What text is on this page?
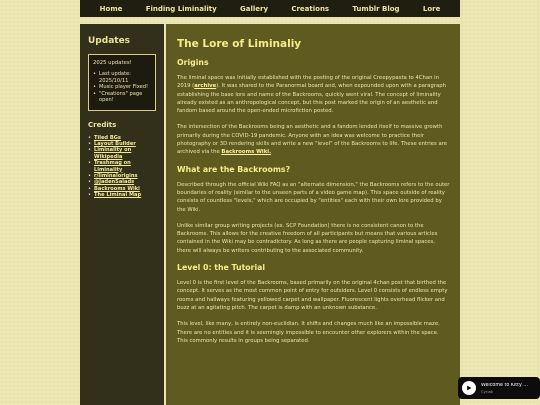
Home	Finding Liminality	Gallery	Creations	Tumblr Blog	Lore
Updates
2025 updates!
• Last update: 2025/10/11
• Music player Fixed!
• "Creations" page open!
Credits
• Tiled BGs
• Layout Builder
• Liminality on Wikipedia
• Trashmag on Liminality
• r/liminalorigins
• @JadenSalads
• Backrooms Wiki
• The Liminal Map
The Lore of Liminaliy
Origins

The liminal space was initially established with the posting of the original Creepypasta to 4Chan in 2019 (archive). It was shared to the Paranormal board and, when expounded upon with a paragraph establishing the base lore and name of the Backrooms, quickly went viral. The concept of liminality already existed as an anthropological concept, but this post marked the origin of an aesthetic and fandom based around the open-ended microfiction posted.

The intersection of the Backrooms being an aesthetic and a fandom lended itself to massive growth primarily during the COVID-19 pandemic. Anyone with an idea was welcome to practice their photography or 3D rendering skills and write a new "level" of the Backrooms to life. These entries are archived via the Backrooms Wiki.

What are the Backrooms?

Described through the official Wiki FAQ as an "alternate dimension," the Backrooms refers to the outer boundaries of reality (similar to the unseen parts of a video game map). This space outside of reality consists of countless "levels," which are occupied by "entities" each with their own lore provided by the Wiki.

Unlike similar group writing projects (ex. SCP Foundation) there is no consistent canon to the Backrooms. This allows for the creative freedom of all participants but means that various articles contained in the Wiki may be contradictory. As long as there are people capturing liminal spaces, there will always be writers contributing to the associated community.

Level 0: the Tutorial

Level 0 is the first level of the Backrooms, based primarily on the original 4chan post that birthed the concept. It serves as the most common point of entry for outsiders. Level 0 consists of endless empty rooms and hallways featuring yellowed carpet and wallpaper. Fluorescent lights overhead flicker and buzz at an agitating pitch. The carpet is damp with an unknown substance.

This level, like many, is entirely non-euclidian. It shifts and changes much like an impossible maze. There are no entities and it is seemingly impossible to encounter other explorers within the space. This commonly results in groups being separated.

Welcome to Kitty ...
Cyriak
